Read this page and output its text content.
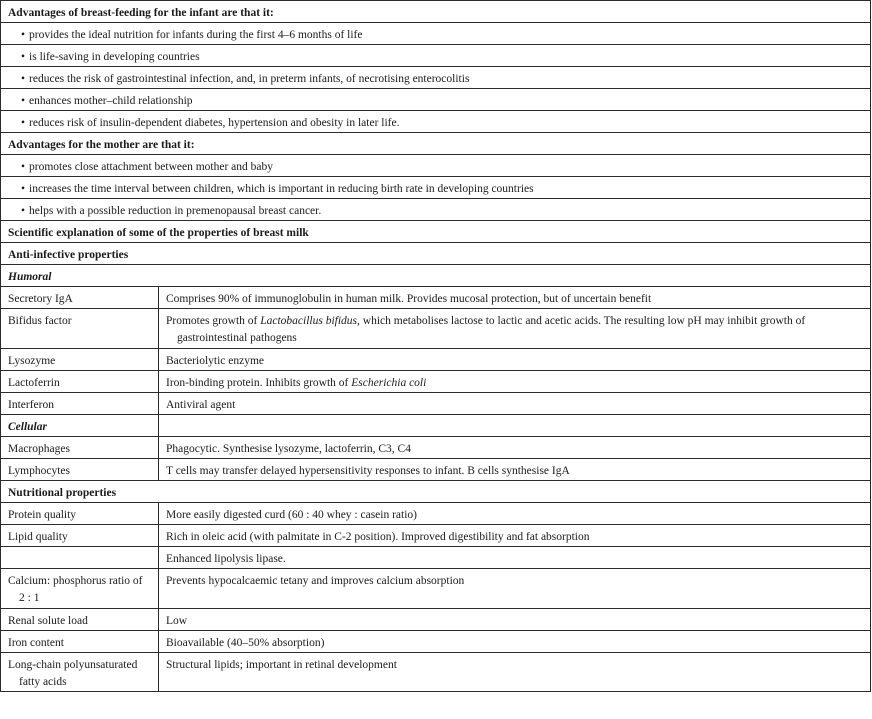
Advantages of breast-feeding for the infant are that it:	
• provides the ideal nutrition for infants during the first 4–6 months of life
• is life-saving in developing countries
• reduces the risk of gastrointestinal infection, and, in preterm infants, of necrotising enterocolitis
• enhances mother–child relationship
• reduces risk of insulin-dependent diabetes, hypertension and obesity in later life.
Advantages for the mother are that it:	
• promotes close attachment between mother and baby
• increases the time interval between children, which is important in reducing birth rate in developing countries
• helps with a possible reduction in premenopausal breast cancer.
Scientific explanation of some of the properties of breast milk	
Anti-infective properties	
Humoral	
Secretory IgA	Comprises 90% of immunoglobulin in human milk. Provides mucosal protection, but of uncertain benefit
Bifidus factor	Promotes growth of Lactobacillus bifidus, which metabolises lactose to lactic and acetic acids. The resulting low pH may inhibit growth of gastrointestinal pathogens
Lysozyme	Bacteriolytic enzyme
Lactoferrin	Iron-binding protein. Inhibits growth of Escherichia coli
Interferon	Antiviral agent
Cellular	
Macrophages	Phagocytic. Synthesise lysozyme, lactoferrin, C3, C4
Lymphocytes	T cells may transfer delayed hypersensitivity responses to infant. B cells synthesise IgA
Nutritional properties	
Protein quality	More easily digested curd (60 : 40 whey : casein ratio)
Lipid quality	Rich in oleic acid (with palmitate in C-2 position). Improved digestibility and fat absorption
	Enhanced lipolysis lipase.
Calcium: phosphorus ratio of 2 : 1	Prevents hypocalcaemic tetany and improves calcium absorption
Renal solute load	Low
Iron content	Bioavailable (40–50% absorption)
Long-chain polyunsaturated fatty acids	Structural lipids; important in retinal development
